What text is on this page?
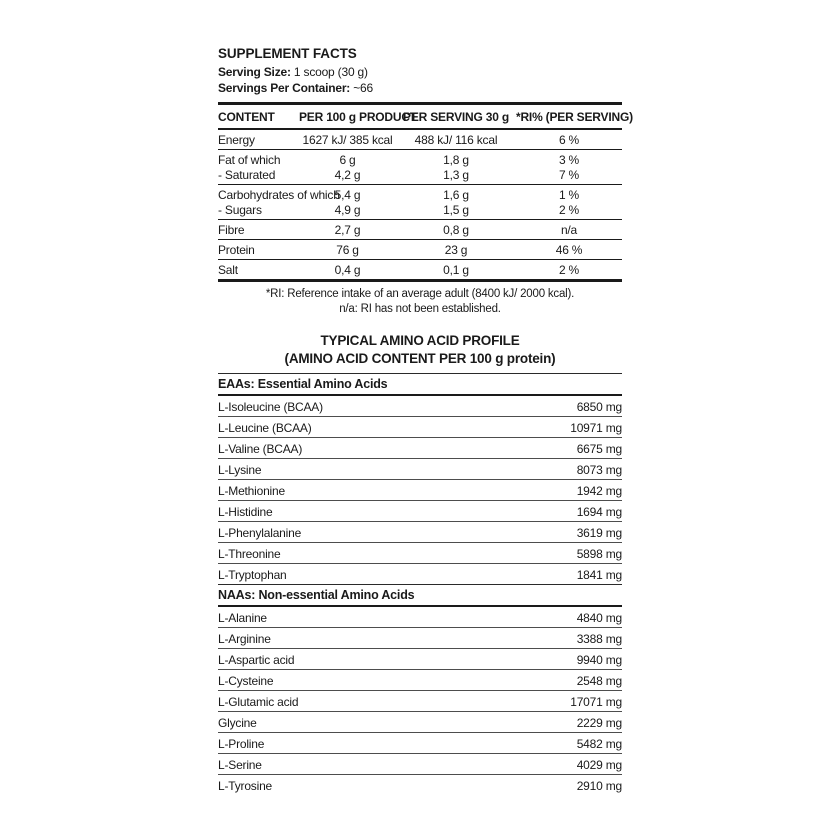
SUPPLEMENT FACTS
Serving Size: 1 scoop (30 g)
Servings Per Container: ~66
CONTENT	PER 100 g PRODUCT	PER SERVING 30 g	*RI% (PER SERVING)
Energy	1627 kJ/ 385 kcal	488 kJ/ 116 kcal	6 %
Fat of which	6 g	1,8 g	3 %
- Saturated	4,2 g	1,3 g	7 %
Carbohydrates of which	5,4 g	1,6 g	1 %
- Sugars	4,9 g	1,5 g	2 %
Fibre	2,7 g	0,8 g	n/a
Protein	76 g	23 g	46 %
Salt	0,4 g	0,1 g	2 %
*RI: Reference intake of an average adult (8400 kJ/ 2000 kcal).
n/a: RI has not been established.
TYPICAL AMINO ACID PROFILE
(AMINO ACID CONTENT PER 100 g protein)
EAAs: Essential Amino Acids
L-Isoleucine (BCAA)	6850 mg
L-Leucine (BCAA)	10971 mg
L-Valine (BCAA)	6675 mg
L-Lysine	8073 mg
L-Methionine	1942 mg
L-Histidine	1694 mg
L-Phenylalanine	3619 mg
L-Threonine	5898 mg
L-Tryptophan	1841 mg
NAAs: Non-essential Amino Acids
L-Alanine	4840 mg
L-Arginine	3388 mg
L-Aspartic acid	9940 mg
L-Cysteine	2548 mg
L-Glutamic acid	17071 mg
Glycine	2229 mg
L-Proline	5482 mg
L-Serine	4029 mg
L-Tyrosine	2910 mg
